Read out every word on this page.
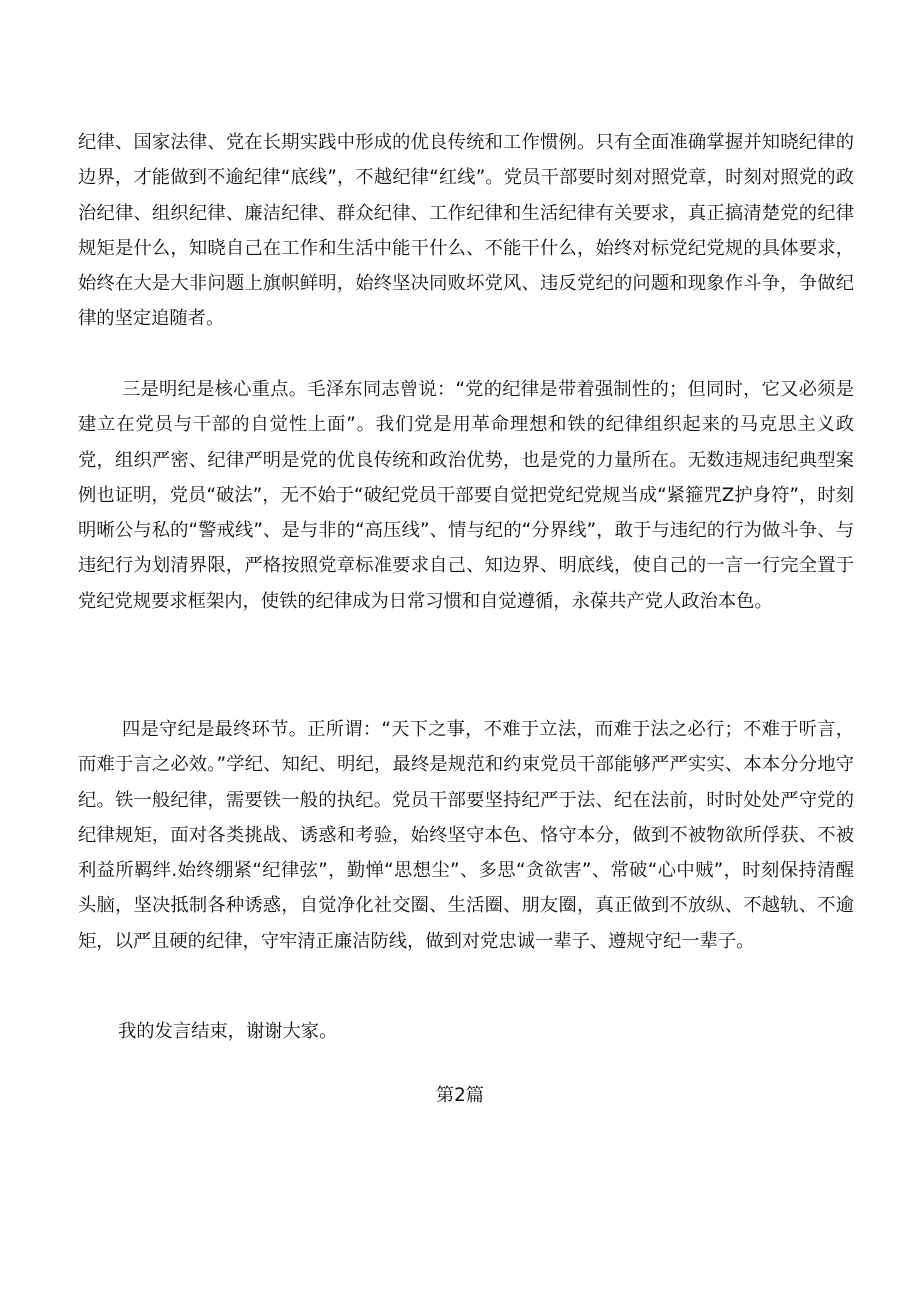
纪律、国家法律、党在长期实践中形成的优良传统和工作惯例。只有全面准确掌握并知晓纪律的边界，才能做到不逾纪律“底线”，不越纪律“红线”。党员干部要时刻对照党章，时刻对照党的政治纪律、组织纪律、廉洁纪律、群众纪律、工作纪律和生活纪律有关要求，真正搞清楚党的纪律规矩是什么，知晓自己在工作和生活中能干什么、不能干什么，始终对标党纪党规的具体要求，始终在大是大非问题上旗帜鲜明，始终坚决同败坏党风、违反党纪的问题和现象作斗争，争做纪律的坚定追随者。

三是明纪是核心重点。毛泽东同志曾说：“党的纪律是带着强制性的；但同时，它又必须是建立在党员与干部的自觉性上面”。我们党是用革命理想和铁的纪律组织起来的马克思主义政党，组织严密、纪律严明是党的优良传统和政治优势，也是党的力量所在。无数违规违纪典型案例也证明，党员“破法”，无不始于“破纪党员干部要自觉把党纪党规当成“紧箍咒Z护身符”，时刻明晰公与私的“警戒线”、是与非的“高压线”、情与纪的“分界线”，敢于与违纪的行为做斗争、与违纪行为划清界限，严格按照党章标准要求自己、知边界、明底线，使自己的一言一行完全置于党纪党规要求框架内，使铁的纪律成为日常习惯和自觉遵循，永葆共产党人政治本色。

四是守纪是最终环节。正所谓：“天下之事，不难于立法，而难于法之必行；不难于听言，而难于言之必效。”学纪、知纪、明纪，最终是规范和约束党员干部能够严严实实、本本分分地守纪。铁一般纪律，需要铁一般的执纪。党员干部要坚持纪严于法、纪在法前，时时处处严守党的纪律规矩，面对各类挑战、诱惑和考验，始终坚守本色、恪守本分，做到不被物欲所俘获、不被利益所羁绊.始终绷紧“纪律弦”，勤惮“思想尘”、多思“贪欲害”、常破“心中贼”，时刻保持清醒头脑，坚决抵制各种诱惑，自觉净化社交圈、生活圈、朋友圈，真正做到不放纵、不越轨、不逾矩，以严且硬的纪律，守牢清正廉洁防线，做到对党忠诚一辈子、遵规守纪一辈子。

我的发言结束，谢谢大家。

第2篇
